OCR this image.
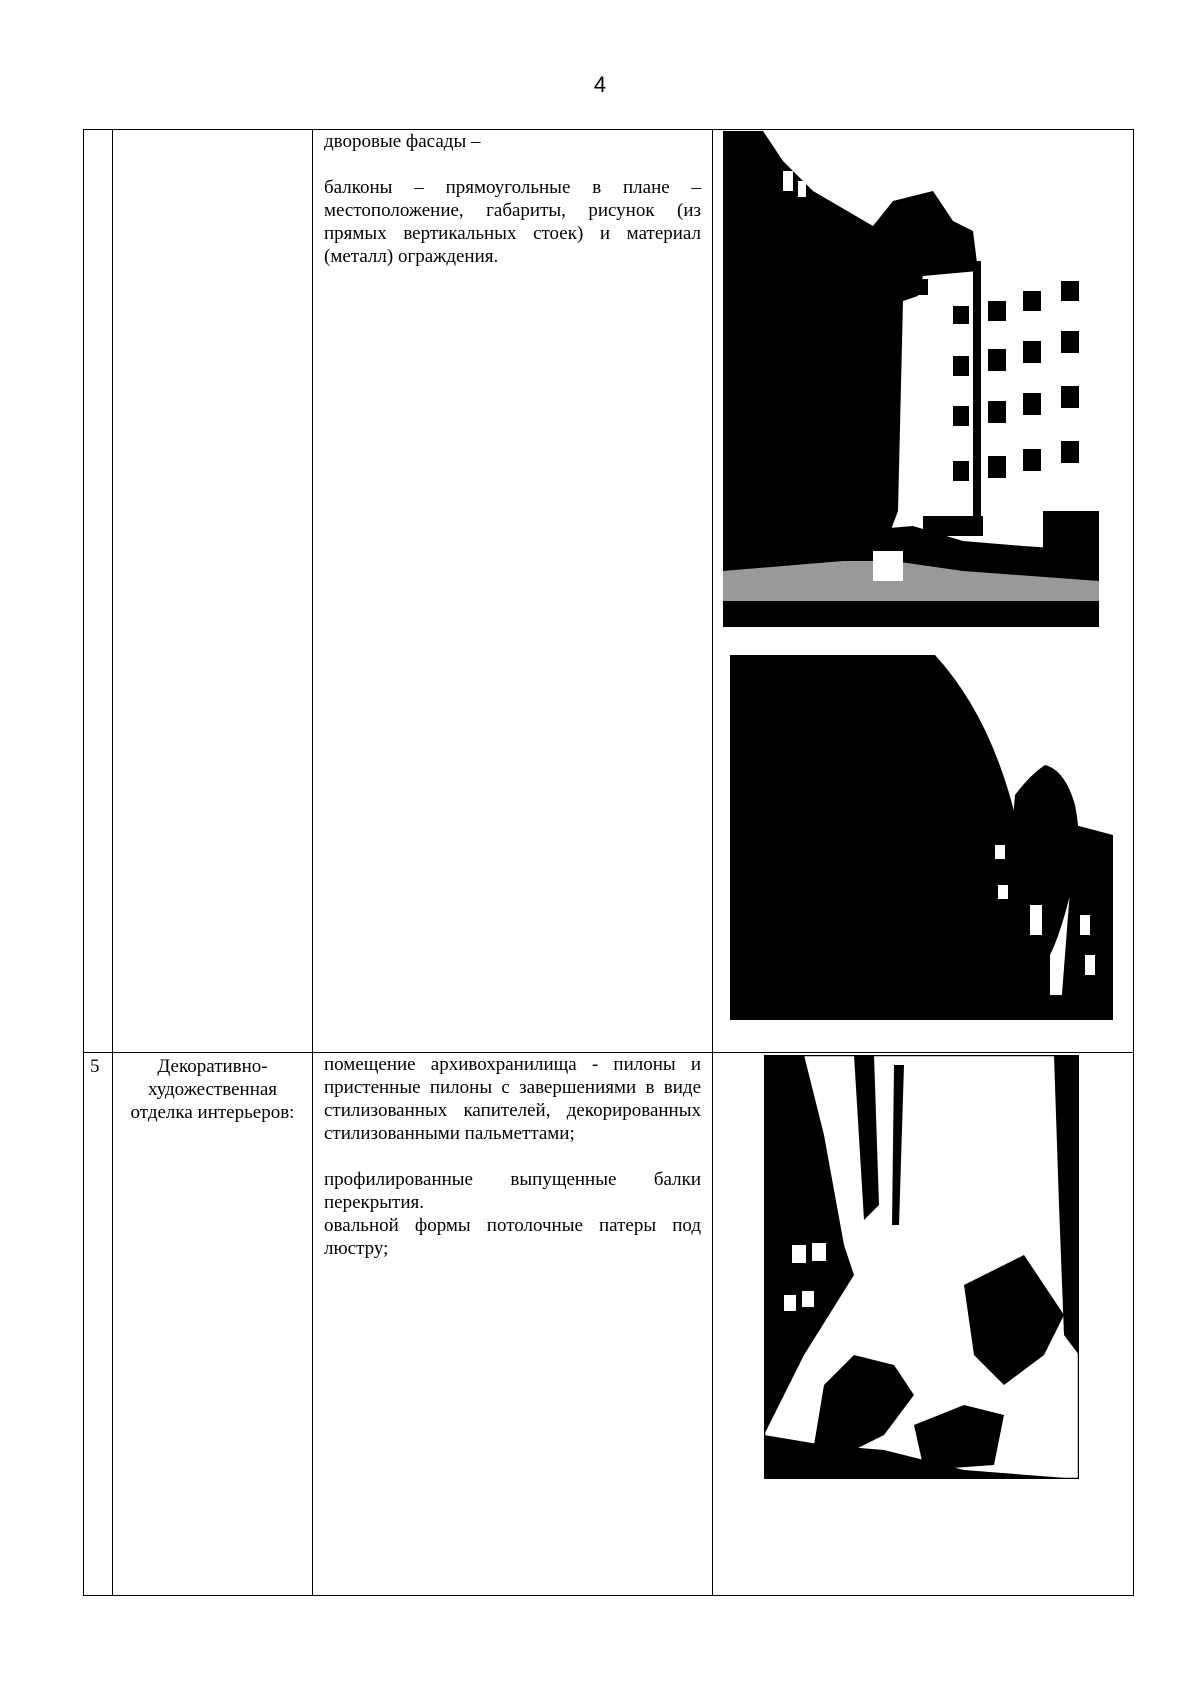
4

		дворовые фасады –

балконы – прямоугольные в плане – местоположение, габариты, рисунок (из прямых вертикальных стоек) и материал (металл) ограждения.

5	Декоративно-художественная отделка интерьеров:	помещение архивохранилища - пилоны и пристенные пилоны с завершениями в виде стилизованных капителей, декорированных стилизованными пальметтами;

профилированные выпущенные балки перекрытия.

овальной формы потолочные патеры под люстру;
